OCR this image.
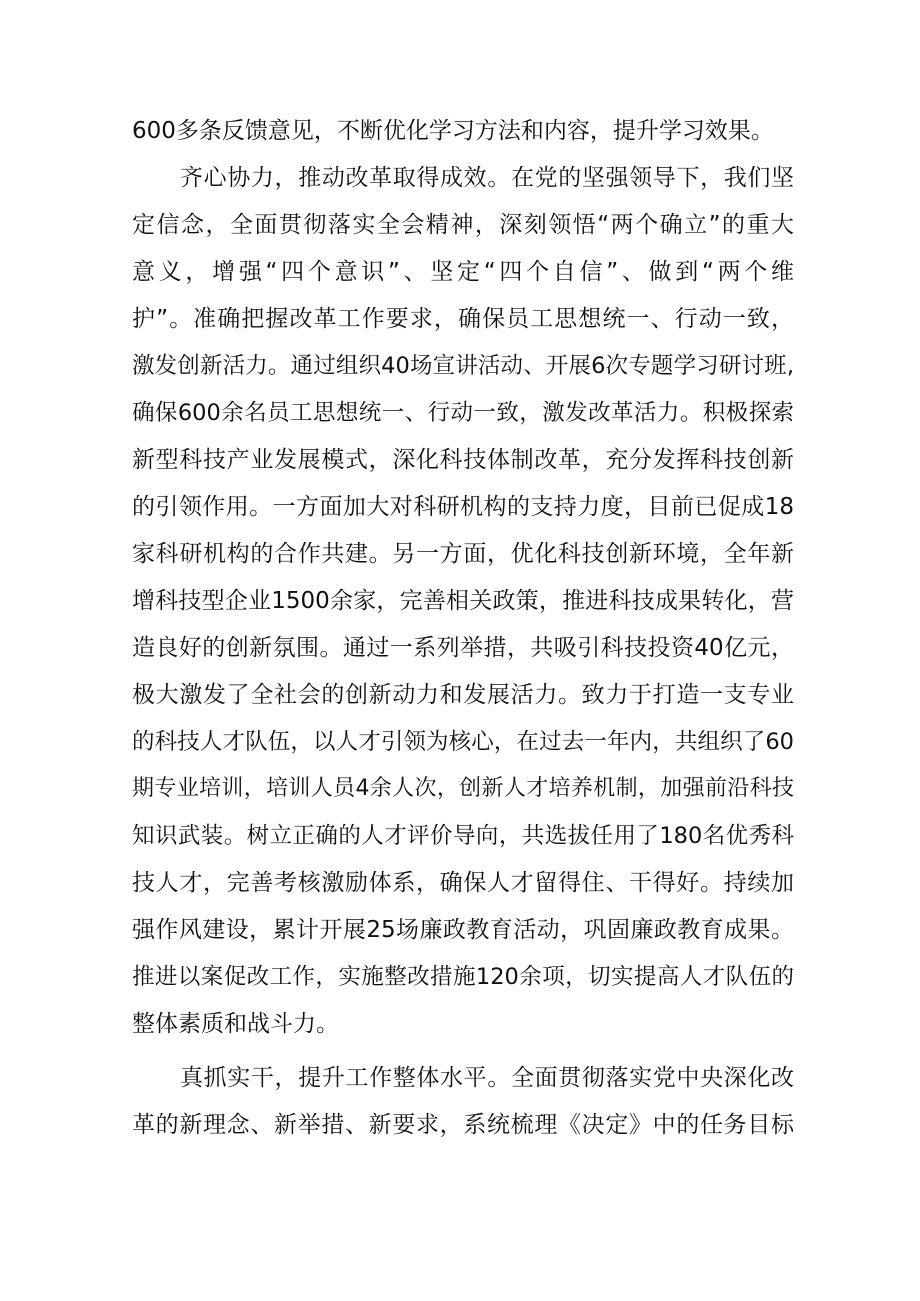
600多条反馈意见，不断优化学习方法和内容，提升学习效果。

齐心协力，推动改革取得成效。在党的坚强领导下，我们坚

定信念，全面贯彻落实全会精神，深刻领悟“两个确立”的重大

意义，增强“四个意识”、坚定“四个自信”、做到“两个维

护”。准确把握改革工作要求，确保员工思想统一、行动一致，

激发创新活力。通过组织40场宣讲活动、开展6次专题学习研讨班,

确保600余名员工思想统一、行动一致，激发改革活力。积极探索

新型科技产业发展模式，深化科技体制改革，充分发挥科技创新

的引领作用。一方面加大对科研机构的支持力度，目前已促成18

家科研机构的合作共建。另一方面，优化科技创新环境，全年新

增科技型企业1500余家，完善相关政策，推进科技成果转化，营

造良好的创新氛围。通过一系列举措，共吸引科技投资40亿元，

极大激发了全社会的创新动力和发展活力。致力于打造一支专业

的科技人才队伍，以人才引领为核心，在过去一年内，共组织了60

期专业培训，培训人员4余人次，创新人才培养机制，加强前沿科技

知识武装。树立正确的人才评价导向，共选拔任用了180名优秀科

技人才，完善考核激励体系，确保人才留得住、干得好。持续加

强作风建设，累计开展25场廉政教育活动，巩固廉政教育成果。

推进以案促改工作，实施整改措施120余项，切实提高人才队伍的

整体素质和战斗力。

真抓实干，提升工作整体水平。全面贯彻落实党中央深化改

革的新理念、新举措、新要求，系统梳理《决定》中的任务目标
